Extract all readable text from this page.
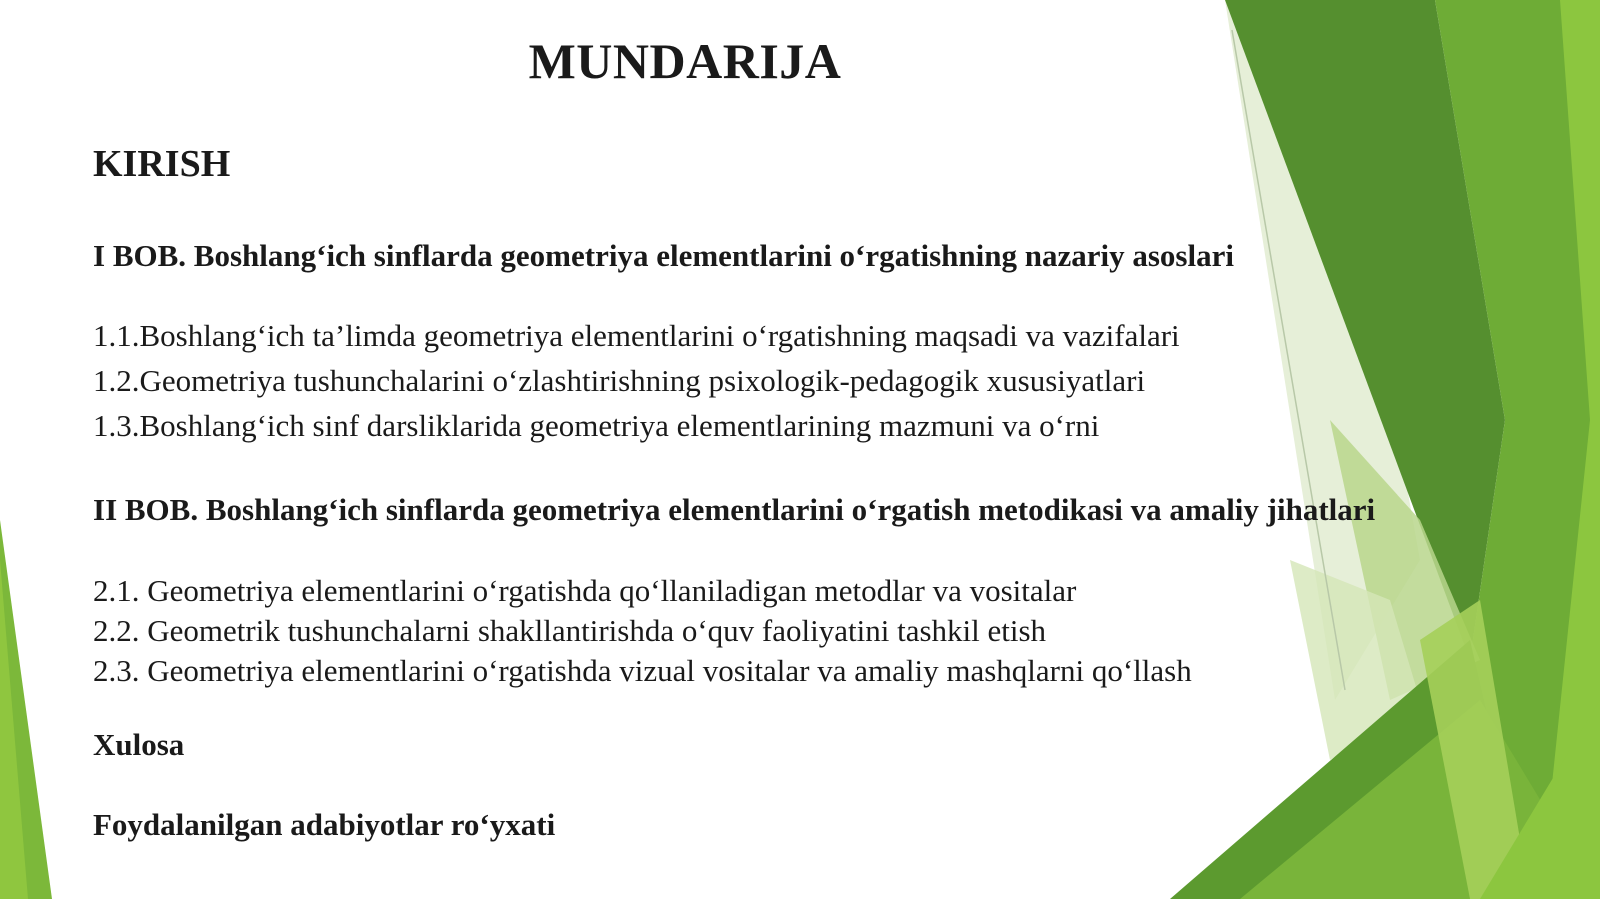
MUNDARIJA
KIRISH
I BOB. Boshlang‘ich sinflarda geometriya elementlarini o‘rgatishning nazariy asoslari
1.1.Boshlang‘ich ta’limda geometriya elementlarini o‘rgatishning maqsadi va vazifalari
1.2.Geometriya tushunchalarini o‘zlashtirishning psixologik-pedagogik xususiyatlari
1.3.Boshlang‘ich sinf darsliklarida geometriya elementlarining mazmuni va o‘rni
II BOB. Boshlang‘ich sinflarda geometriya elementlarini o‘rgatish metodikasi va amaliy jihatlari
2.1. Geometriya elementlarini o‘rgatishda qo‘llaniladigan metodlar va vositalar
2.2. Geometrik tushunchalarni shakllantirishda o‘quv faoliyatini tashkil etish
2.3. Geometriya elementlarini o‘rgatishda vizual vositalar va amaliy mashqlarni qo‘llash
Xulosa
Foydalanilgan adabiyotlar ro‘yxati
